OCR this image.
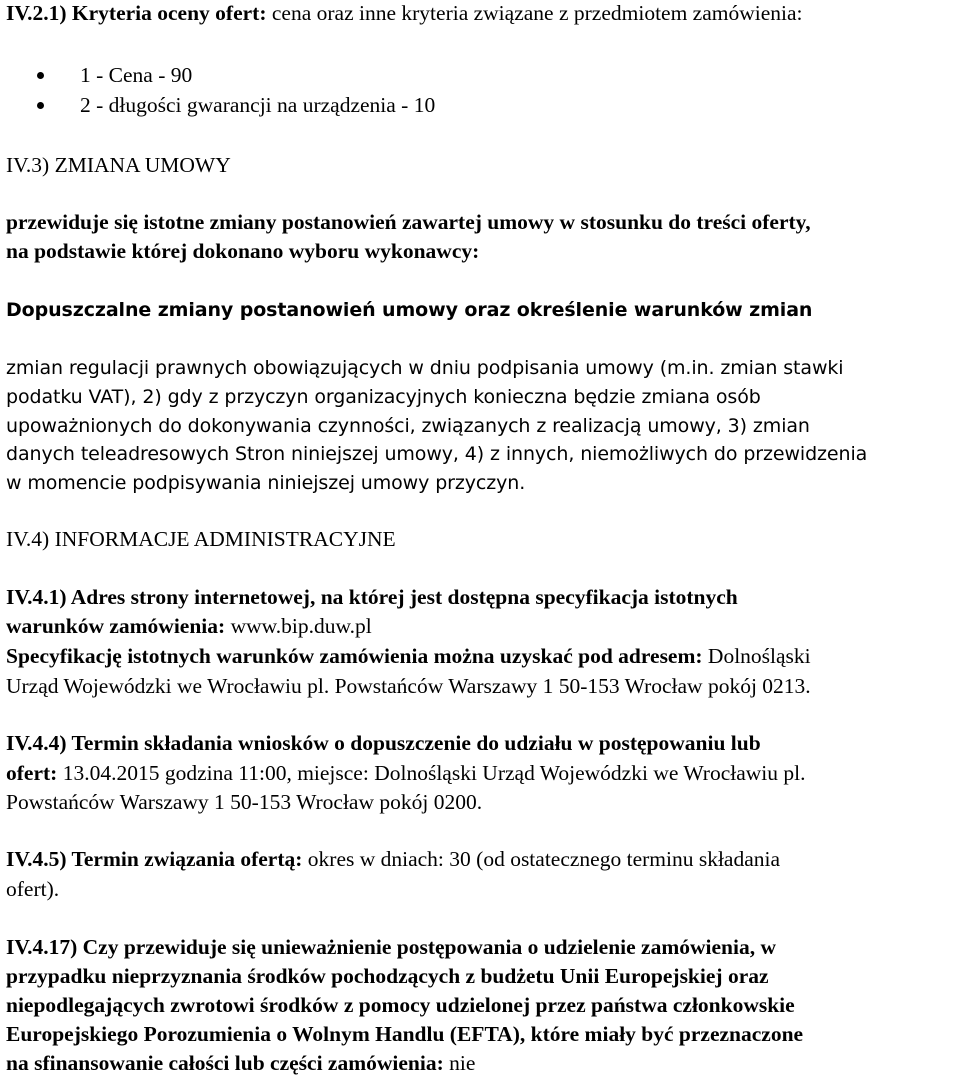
IV.2.1) Kryteria oceny ofert: cena oraz inne kryteria związane z przedmiotem zamówienia:
1 - Cena - 90
2 - długości gwarancji na urządzenia - 10
IV.3) ZMIANA UMOWY
przewiduje się istotne zmiany postanowień zawartej umowy w stosunku do treści oferty,
na podstawie której dokonano wyboru wykonawcy:
Dopuszczalne zmiany postanowień umowy oraz określenie warunków zmian
zmian regulacji prawnych obowiązujących w dniu podpisania umowy (m.in. zmian stawki
podatku VAT), 2) gdy z przyczyn organizacyjnych konieczna będzie zmiana osób
upoważnionych do dokonywania czynności, związanych z realizacją umowy, 3) zmian
danych teleadresowych Stron niniejszej umowy, 4) z innych, niemożliwych do przewidzenia
w momencie podpisywania niniejszej umowy przyczyn.
IV.4) INFORMACJE ADMINISTRACYJNE
IV.4.1) Adres strony internetowej, na której jest dostępna specyfikacja istotnych
warunków zamówienia: www.bip.duw.pl
Specyfikację istotnych warunków zamówienia można uzyskać pod adresem: Dolnośląski
Urząd Wojewódzki we Wrocławiu pl. Powstańców Warszawy 1 50-153 Wrocław pokój 0213.
IV.4.4) Termin składania wniosków o dopuszczenie do udziału w postępowaniu lub
ofert: 13.04.2015 godzina 11:00, miejsce: Dolnośląski Urząd Wojewódzki we Wrocławiu pl.
Powstańców Warszawy 1 50-153 Wrocław pokój 0200.
IV.4.5) Termin związania ofertą: okres w dniach: 30 (od ostatecznego terminu składania
ofert).
IV.4.17) Czy przewiduje się unieważnienie postępowania o udzielenie zamówienia, w
przypadku nieprzyznania środków pochodzących z budżetu Unii Europejskiej oraz
niepodlegających zwrotowi środków z pomocy udzielonej przez państwa członkowskie
Europejskiego Porozumienia o Wolnym Handlu (EFTA), które miały być przeznaczone
na sfinansowanie całości lub części zamówienia: nie
